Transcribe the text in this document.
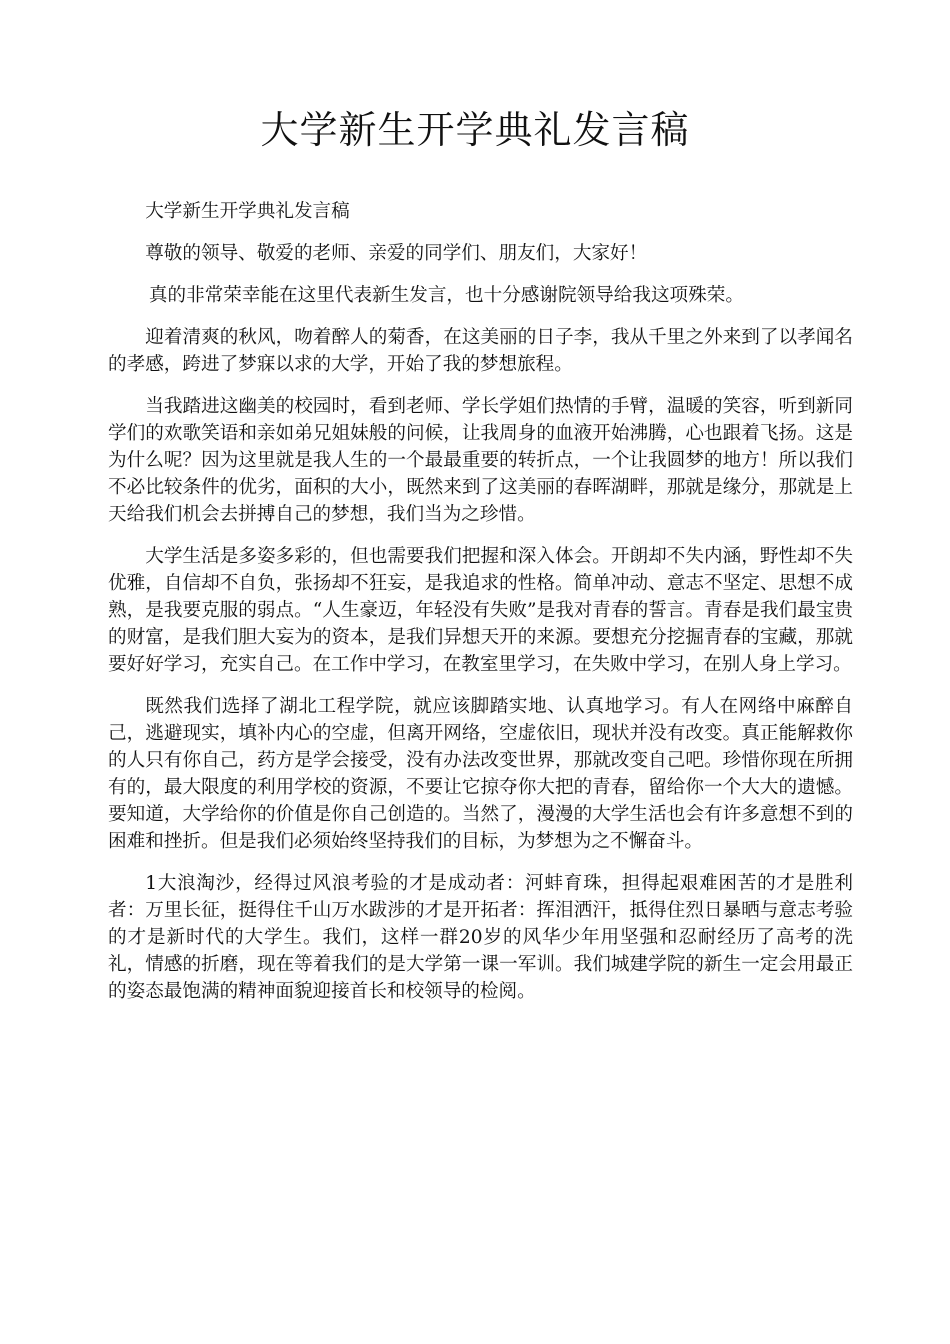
大学新生开学典礼发言稿

大学新生开学典礼发言稿

尊敬的领导、敬爱的老师、亲爱的同学们、朋友们，大家好！

真的非常荣幸能在这里代表新生发言，也十分感谢院领导给我这项殊荣。

迎着清爽的秋风，吻着醉人的菊香，在这美丽的日子李，我从千里之外来到了以孝闻名的孝感，跨进了梦寐以求的大学，开始了我的梦想旅程。

当我踏进这幽美的校园时，看到老师、学长学姐们热情的手臂，温暖的笑容，听到新同学们的欢歌笑语和亲如弟兄姐妹般的问候，让我周身的血液开始沸腾，心也跟着飞扬。这是为什么呢？因为这里就是我人生的一个最最重要的转折点，一个让我圆梦的地方！所以我们不必比较条件的优劣，面积的大小，既然来到了这美丽的春晖湖畔，那就是缘分，那就是上天给我们机会去拼搏自己的梦想，我们当为之珍惜。

大学生活是多姿多彩的，但也需要我们把握和深入体会。开朗却不失内涵，野性却不失优雅，自信却不自负，张扬却不狂妄，是我追求的性格。简单冲动、意志不坚定、思想不成熟，是我要克服的弱点。“人生豪迈，年轻没有失败”是我对青春的誓言。青春是我们最宝贵的财富，是我们胆大妄为的资本，是我们异想天开的来源。要想充分挖掘青春的宝藏，那就要好好学习，充实自己。在工作中学习，在教室里学习，在失败中学习，在别人身上学习。

既然我们选择了湖北工程学院，就应该脚踏实地、认真地学习。有人在网络中麻醉自己，逃避现实，填补内心的空虚，但离开网络，空虚依旧，现状并没有改变。真正能解救你的人只有你自己，药方是学会接受，没有办法改变世界，那就改变自己吧。珍惜你现在所拥有的，最大限度的利用学校的资源，不要让它掠夺你大把的青春，留给你一个大大的遗憾。要知道，大学给你的价值是你自己创造的。当然了，漫漫的大学生活也会有许多意想不到的困难和挫折。但是我们必须始终坚持我们的目标，为梦想为之不懈奋斗。

1大浪淘沙，经得过风浪考验的才是成动者：河蚌育珠，担得起艰难困苦的才是胜利者：万里长征，挺得住千山万水跋涉的才是开拓者：挥泪洒汗，抵得住烈日暴晒与意志考验的才是新时代的大学生。我们，这样一群20岁的风华少年用坚强和忍耐经历了高考的洗礼，情感的折磨，现在等着我们的是大学第一课一军训。我们城建学院的新生一定会用最正的姿态最饱满的精神面貌迎接首长和校领导的检阅。
